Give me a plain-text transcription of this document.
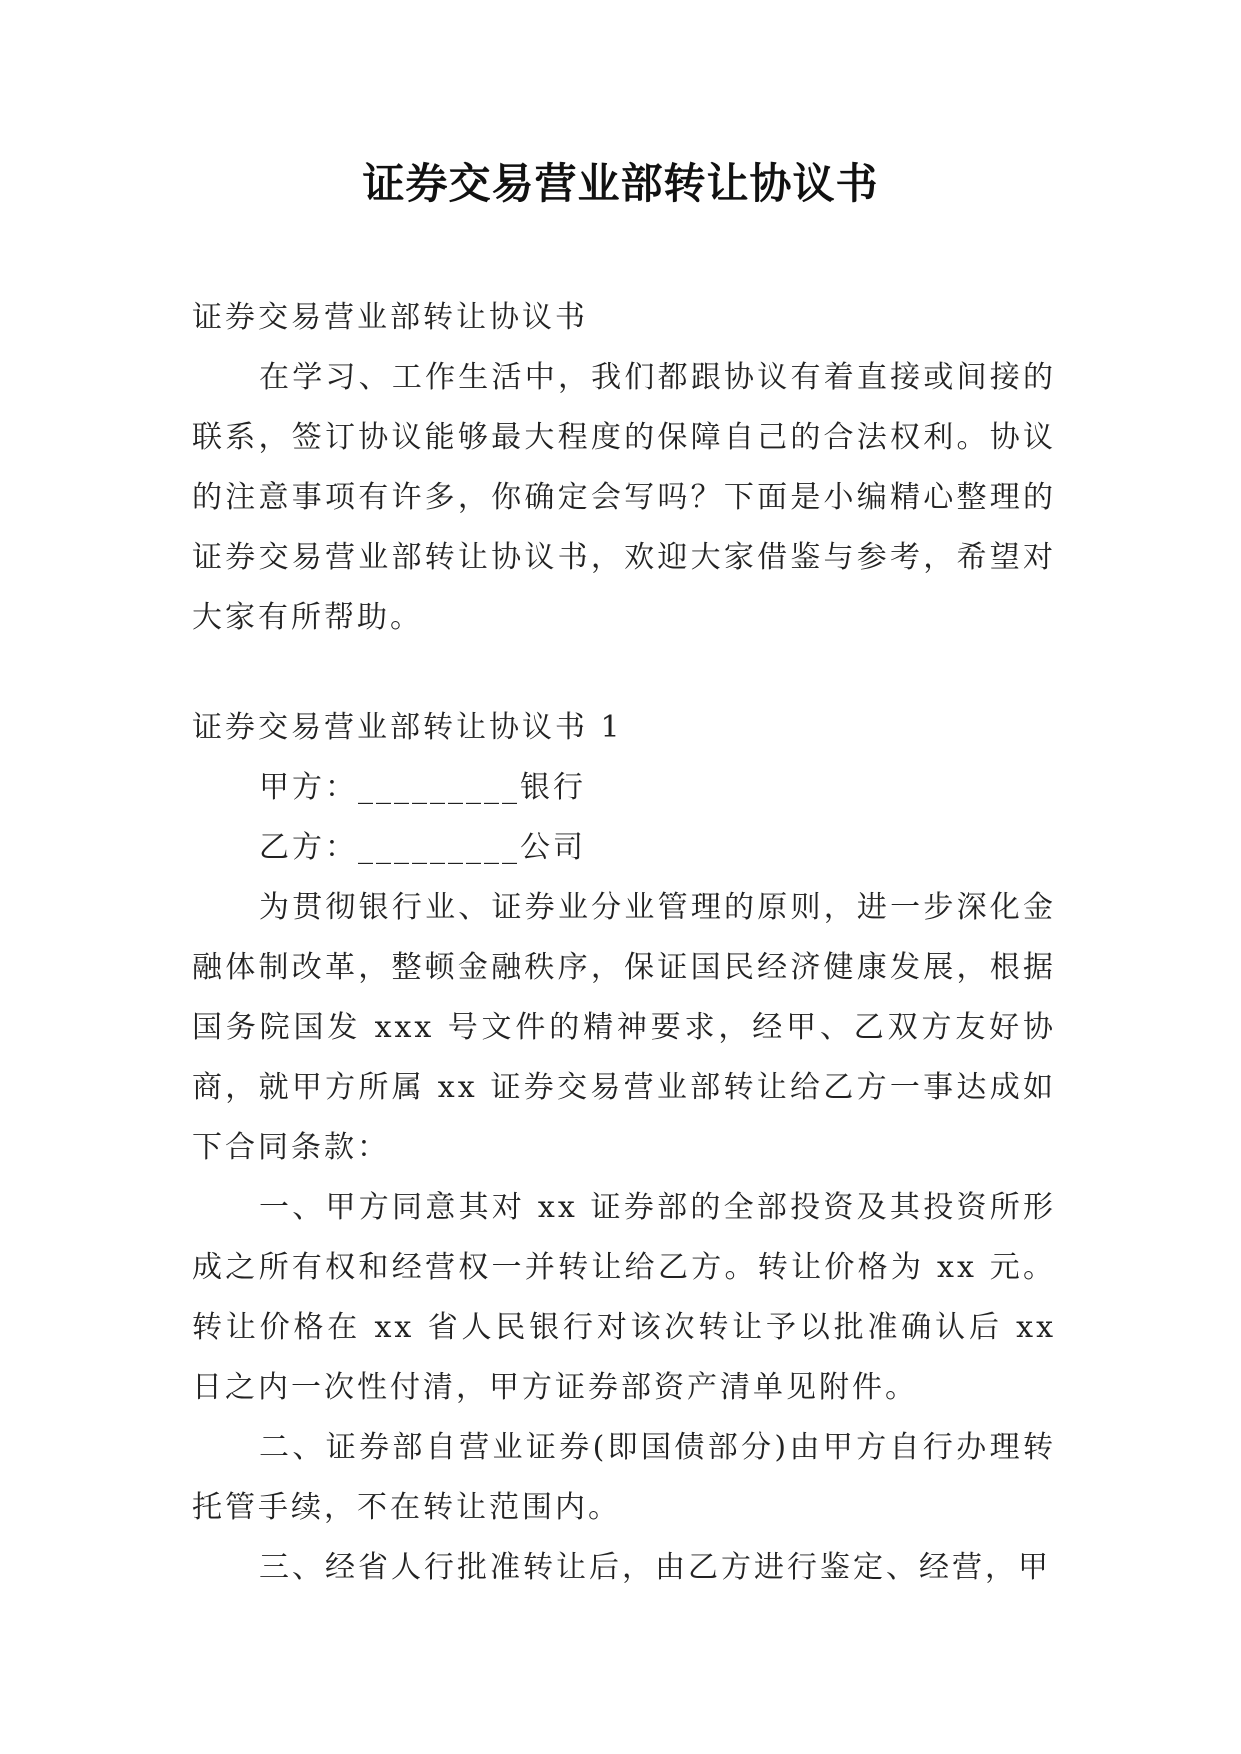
证券交易营业部转让协议书

证券交易营业部转让协议书

在学习、工作生活中，我们都跟协议有着直接或间接的联系，签订协议能够最大程度的保障自己的合法权利。协议的注意事项有许多，你确定会写吗？下面是小编精心整理的证券交易营业部转让协议书，欢迎大家借鉴与参考，希望对大家有所帮助。

证券交易营业部转让协议书 1

甲方：_________银行

乙方：_________公司

为贯彻银行业、证券业分业管理的原则，进一步深化金融体制改革，整顿金融秩序，保证国民经济健康发展，根据国务院国发 xxx 号文件的精神要求，经甲、乙双方友好协商，就甲方所属 xx 证券交易营业部转让给乙方一事达成如下合同条款：

一、甲方同意其对 xx 证券部的全部投资及其投资所形成之所有权和经营权一并转让给乙方。转让价格为 xx 元。转让价格在 xx 省人民银行对该次转让予以批准确认后 xx 日之内一次性付清，甲方证券部资产清单见附件。

二、证券部自营业证券(即国债部分)由甲方自行办理转托管手续，不在转让范围内。

三、经省人行批准转让后，由乙方进行鉴定、经营，甲
